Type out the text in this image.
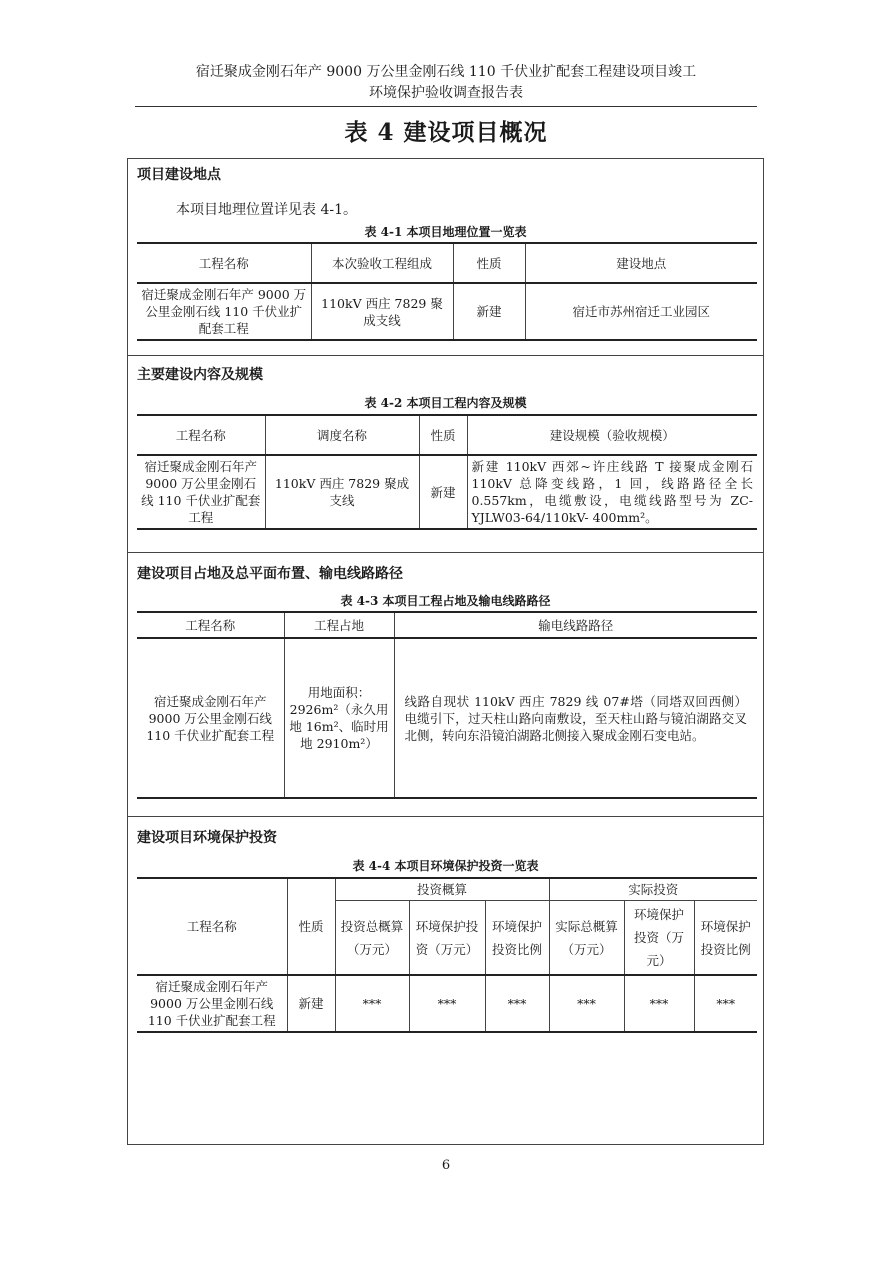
宿迁聚成金刚石年产 9000 万公里金刚石线 110 千伏业扩配套工程建设项目竣工
环境保护验收调查报告表
表 4 建设项目概况
项目建设地点
本项目地理位置详见表 4-1。
表 4-1 本项目地理位置一览表
工程名称	本次验收工程组成	性质	建设地点
宿迁聚成金刚石年产 9000 万公里金刚石线 110 千伏业扩配套工程	110kV 西庄 7829 聚成支线	新建	宿迁市苏州宿迁工业园区
主要建设内容及规模
表 4-2 本项目工程内容及规模
工程名称	调度名称	性质	建设规模（验收规模）
宿迁聚成金刚石年产 9000 万公里金刚石线 110 千伏业扩配套工程	110kV 西庄 7829 聚成支线	新建	新建 110kV 西郊~许庄线路 T 接聚成金刚石 110kV 总降变线路，1 回，线路路径全长 0.557km，电缆敷设，电缆线路型号为 ZC-YJLW03-64/110kV- 400mm²。
建设项目占地及总平面布置、输电线路路径
表 4-3 本项目工程占地及输电线路路径
工程名称	工程占地	输电线路路径
宿迁聚成金刚石年产 9000 万公里金刚石线 110 千伏业扩配套工程	用地面积：2926m²（永久用地 16m²、临时用地 2910m²）	线路自现状 110kV 西庄 7829 线 07#塔（同塔双回西侧）电缆引下，过天柱山路向南敷设，至天柱山路与镜泊湖路交叉北侧，转向东沿镜泊湖路北侧接入聚成金刚石变电站。
建设项目环境保护投资
表 4-4 本项目环境保护投资一览表
工程名称	性质	投资概算			实际投资		
		投资总概算（万元）	环境保护投资（万元）	环境保护投资比例	实际总概算（万元）	环境保护投资（万元）	环境保护投资比例
宿迁聚成金刚石年产 9000 万公里金刚石线 110 千伏业扩配套工程	新建	***	***	***	***	***	***
6
